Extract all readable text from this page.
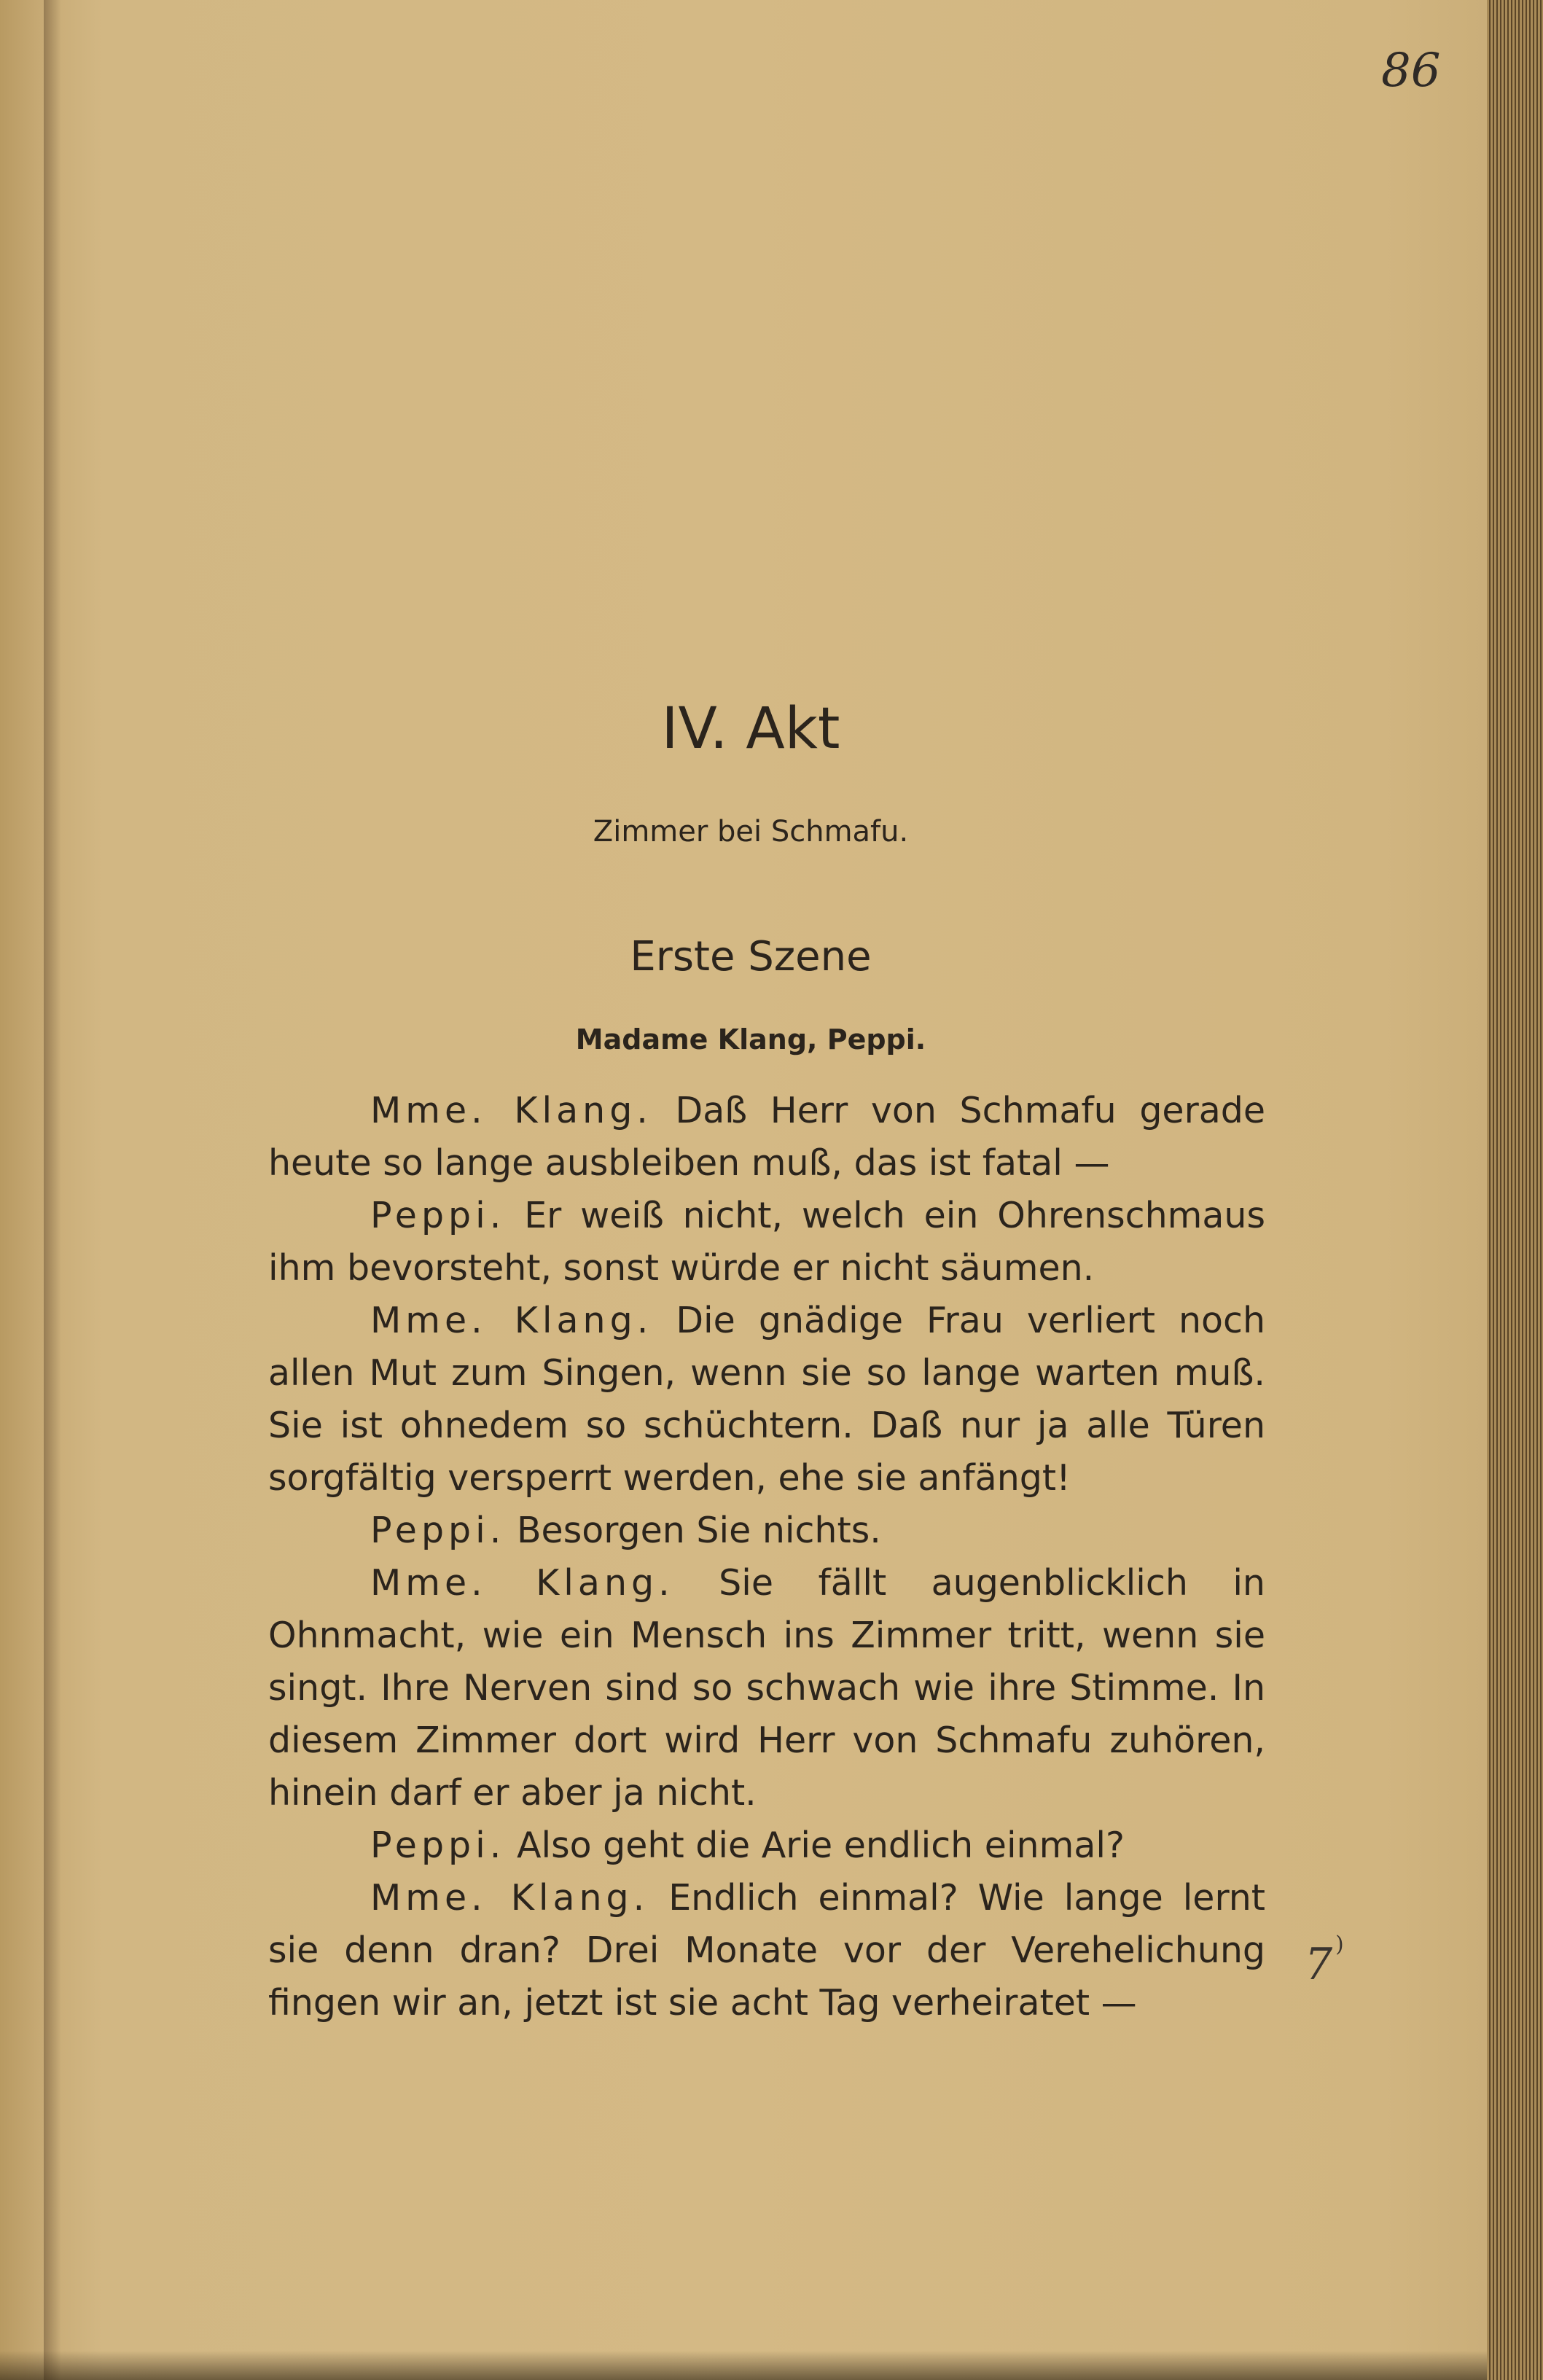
86
IV. Akt
Zimmer bei Schmafu.
Erste Szene
Madame Klang, Peppi.

Mme. Klang. Daß Herr von Schmafu gerade heute so lange ausbleiben muß, das ist fatal —

Peppi. Er weiß nicht, welch ein Ohrenschmaus ihm bevorsteht, sonst würde er nicht säumen.

Mme. Klang. Die gnädige Frau verliert noch allen Mut zum Singen, wenn sie so lange warten muß. Sie ist ohnedem so schüchtern. Daß nur ja alle Türen sorgfältig versperrt werden, ehe sie anfängt!

Peppi. Besorgen Sie nichts.

Mme. Klang. Sie fällt augenblicklich in Ohnmacht, wie ein Mensch ins Zimmer tritt, wenn sie singt. Ihre Nerven sind so schwach wie ihre Stimme. In diesem Zimmer dort wird Herr von Schmafu zuhören, hinein darf er aber ja nicht.

Peppi. Also geht die Arie endlich einmal?

Mme. Klang. Endlich einmal? Wie lange lernt sie denn dran? Drei Monate vor der Verehelichung fingen wir an, jetzt ist sie acht Tag verheiratet —

7 )
